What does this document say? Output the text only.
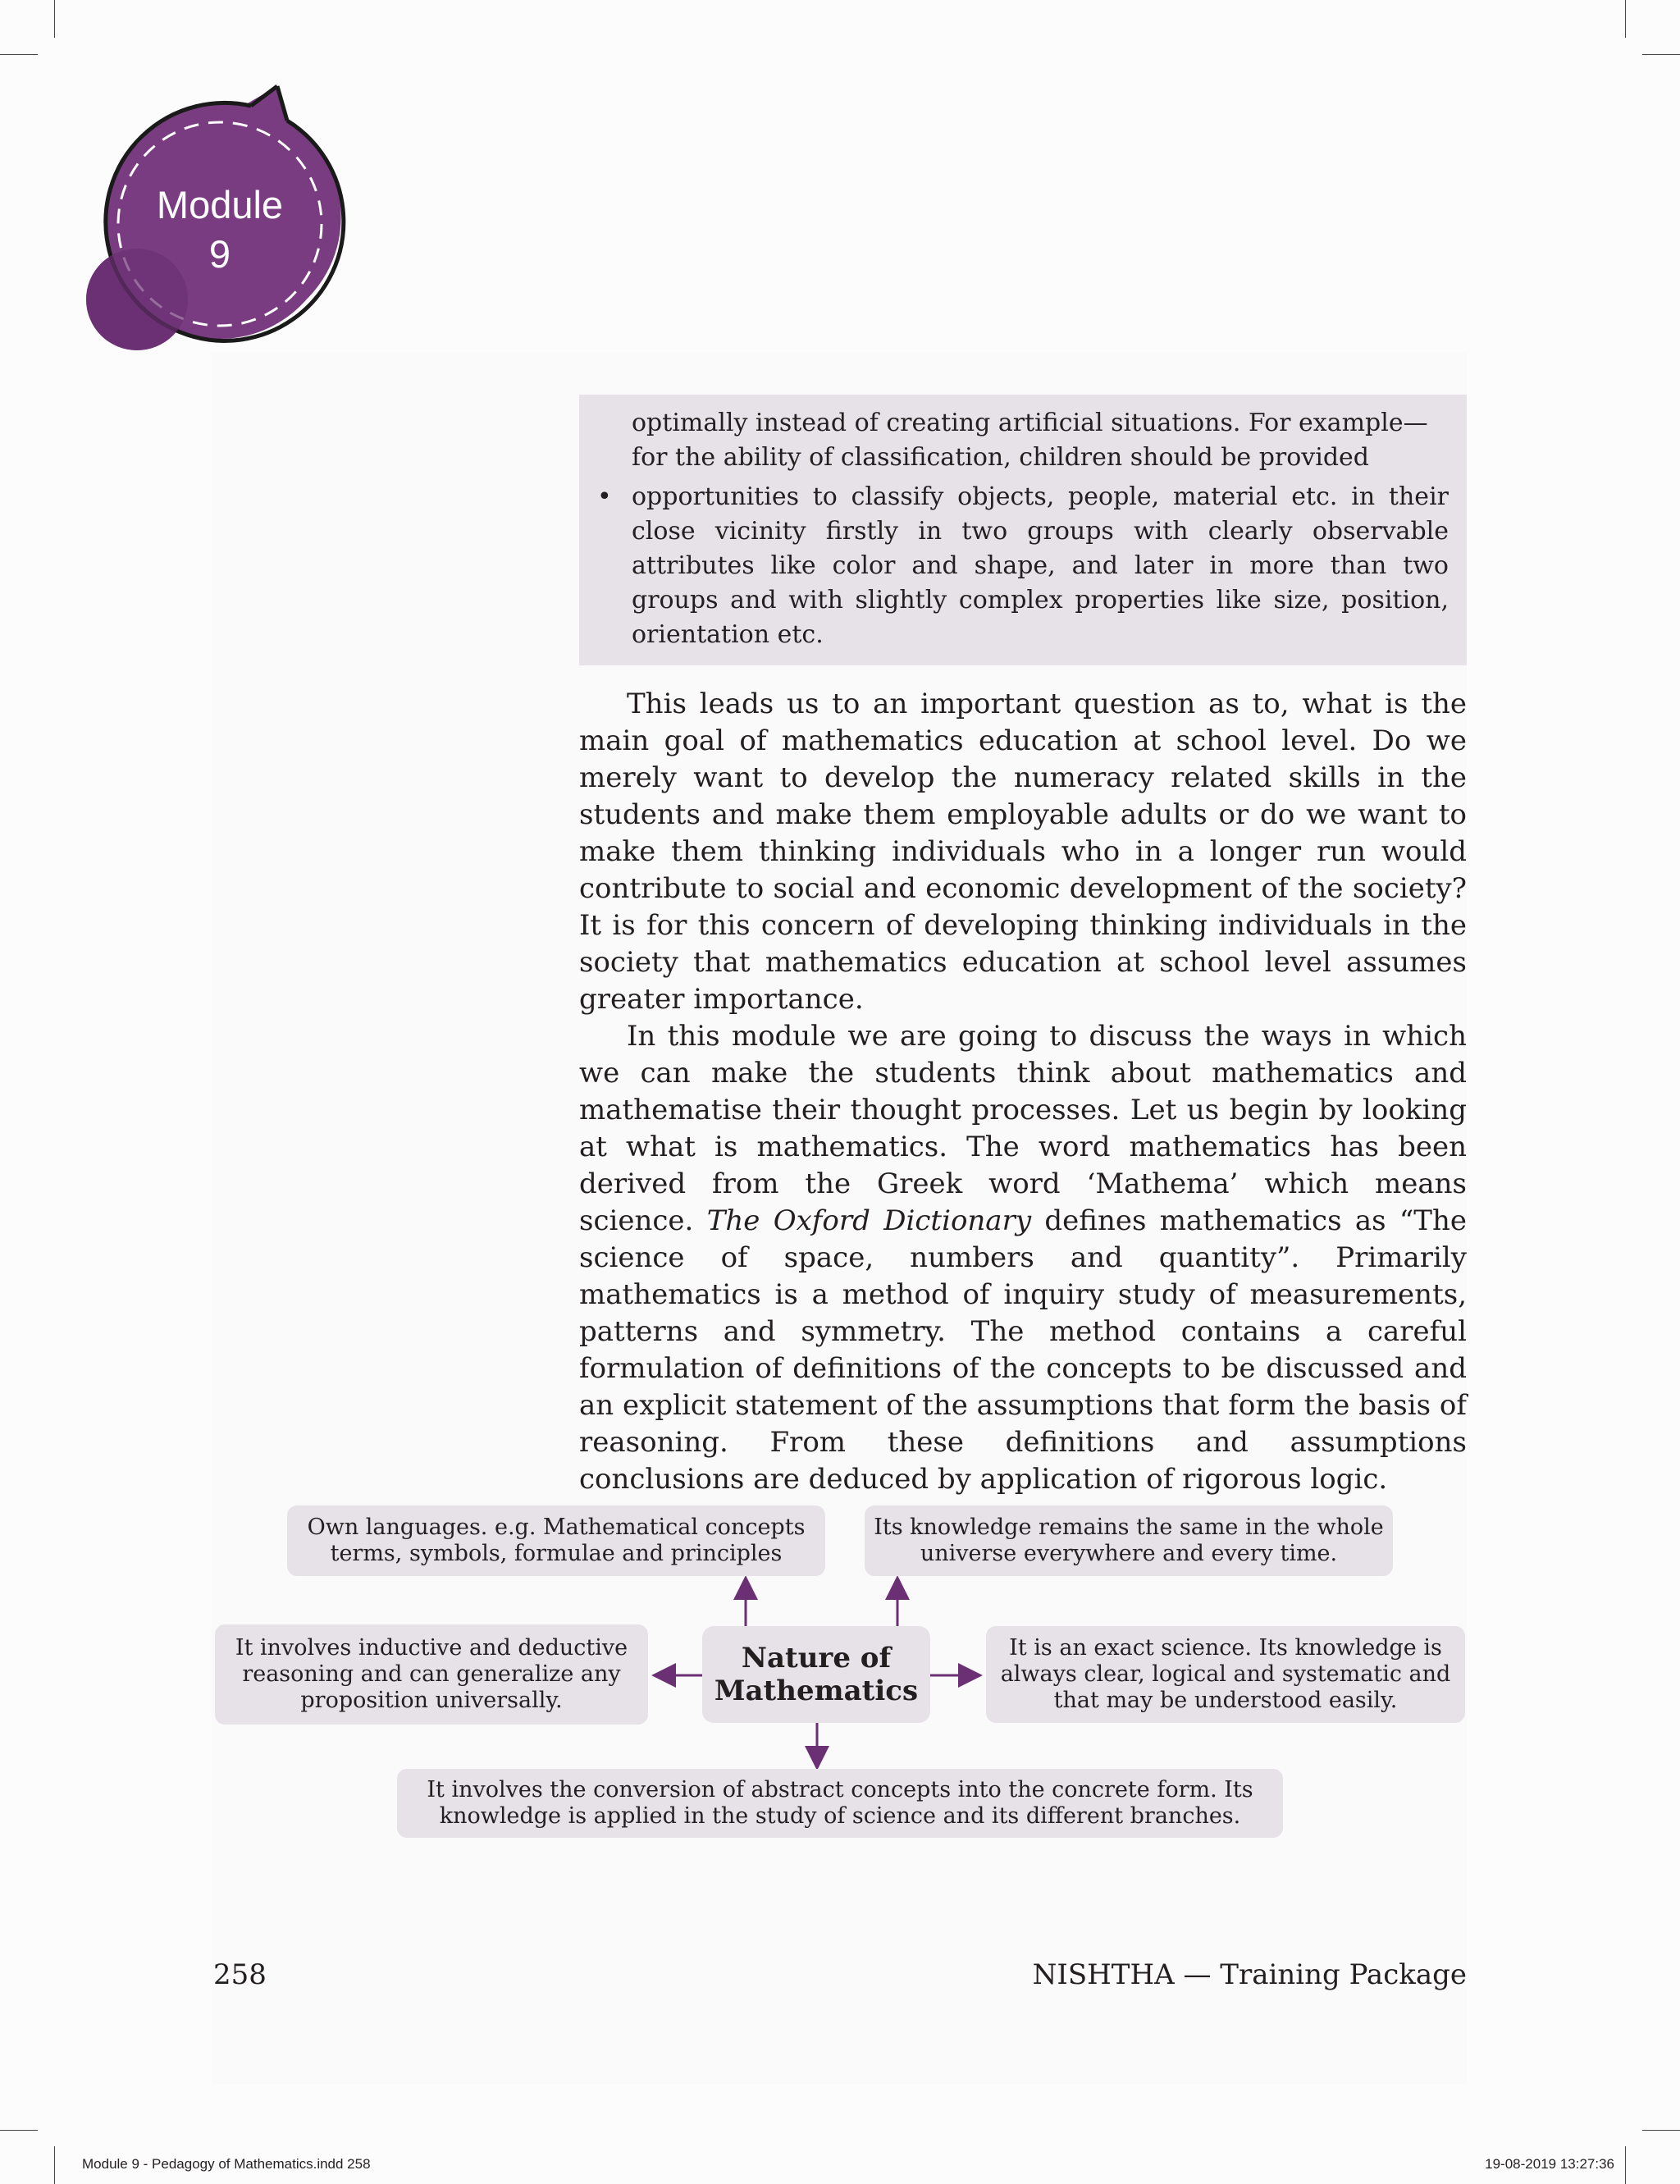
Module
9

optimally instead of creating artificial situations. For example— for the ability of classification, children should be provided

• opportunities to classify objects, people, material etc. in their close vicinity firstly in two groups with clearly observable attributes like color and shape, and later in more than two groups and with slightly complex properties like size, position, orientation etc.

This leads us to an important question as to, what is the main goal of mathematics education at school level. Do we merely want to develop the numeracy related skills in the students and make them employable adults or do we want to make them thinking individuals who in a longer run would contribute to social and economic development of the society? It is for this concern of developing thinking individuals in the society that mathematics education at school level assumes greater importance.

In this module we are going to discuss the ways in which we can make the students think about mathematics and mathematise their thought processes. Let us begin by looking at what is mathematics. The word mathematics has been derived from the Greek word ‘Mathema’ which means science. The Oxford Dictionary defines mathematics as “The science of space, numbers and quantity”. Primarily mathematics is a method of inquiry study of measurements, patterns and symmetry. The method contains a careful formulation of definitions of the concepts to be discussed and an explicit statement of the assumptions that form the basis of reasoning. From these definitions and assumptions conclusions are deduced by application of rigorous logic.

Own languages. e.g. Mathematical concepts terms, symbols, formulae and principles
Its knowledge remains the same in the whole universe everywhere and every time.
It involves inductive and deductive reasoning and can generalize any proposition universally.
Nature of Mathematics
It is an exact science. Its knowledge is always clear, logical and systematic and that may be understood easily.
It involves the conversion of abstract concepts into the concrete form. Its knowledge is applied in the study of science and its different branches.
258	NISHTHA — Training Package
Module 9 - Pedagogy of Mathematics.indd 258	19-08-2019 13:27:36
